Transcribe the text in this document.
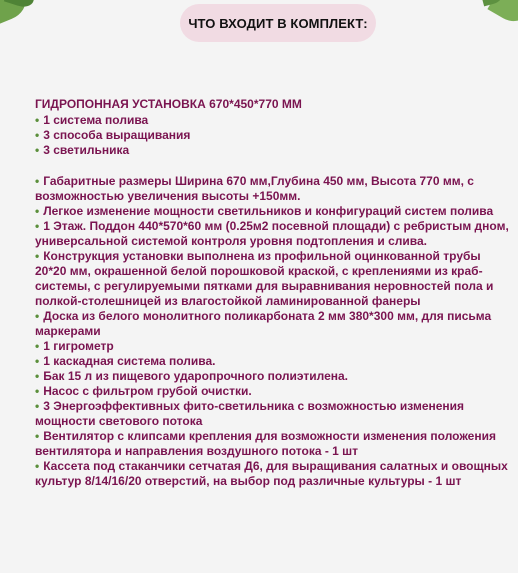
ЧТО ВХОДИТ В КОМПЛЕКТ:

ГИДРОПОННАЯ УСТАНОВКА 670*450*770 ММ

• 1 система полива

• 3 способа выращивания

• 3 светильника

• Габаритные размеры Ширина 670 мм,Глубина 450 мм, Высота 770 мм, с возможностью увеличения высоты +150мм.

• Легкое изменение мощности светильников и конфигураций систем полива

• 1 Этаж. Поддон 440*570*60 мм (0.25м2 посевной площади) с ребристым дном, универсальной системой контроля уровня подтопления и слива.

• Конструкция установки выполнена из профильной оцинкованной трубы 20*20 мм, окрашенной белой порошковой краской, с креплениями из краб-системы, с регулируемыми пятками для выравнивания неровностей пола и полкой-столешницей из влагостойкой ламинированной фанеры

• Доска из белого монолитного поликарбоната 2 мм 380*300 мм, для письма маркерами

• 1 гигрометр

• 1 каскадная система полива.

• Бак 15 л из пищевого ударопрочного полиэтилена.

• Насос с фильтром грубой очистки.

• 3 Энергоэффективных фито-светильника с возможностью изменения мощности светового потока

• Вентилятор с клипсами крепления для возможности изменения положения вентилятора и направления воздушного потока - 1 шт

• Кассета под стаканчики сетчатая Д6, для выращивания салатных и овощных культур 8/14/16/20 отверстий, на выбор под различные культуры - 1 шт
